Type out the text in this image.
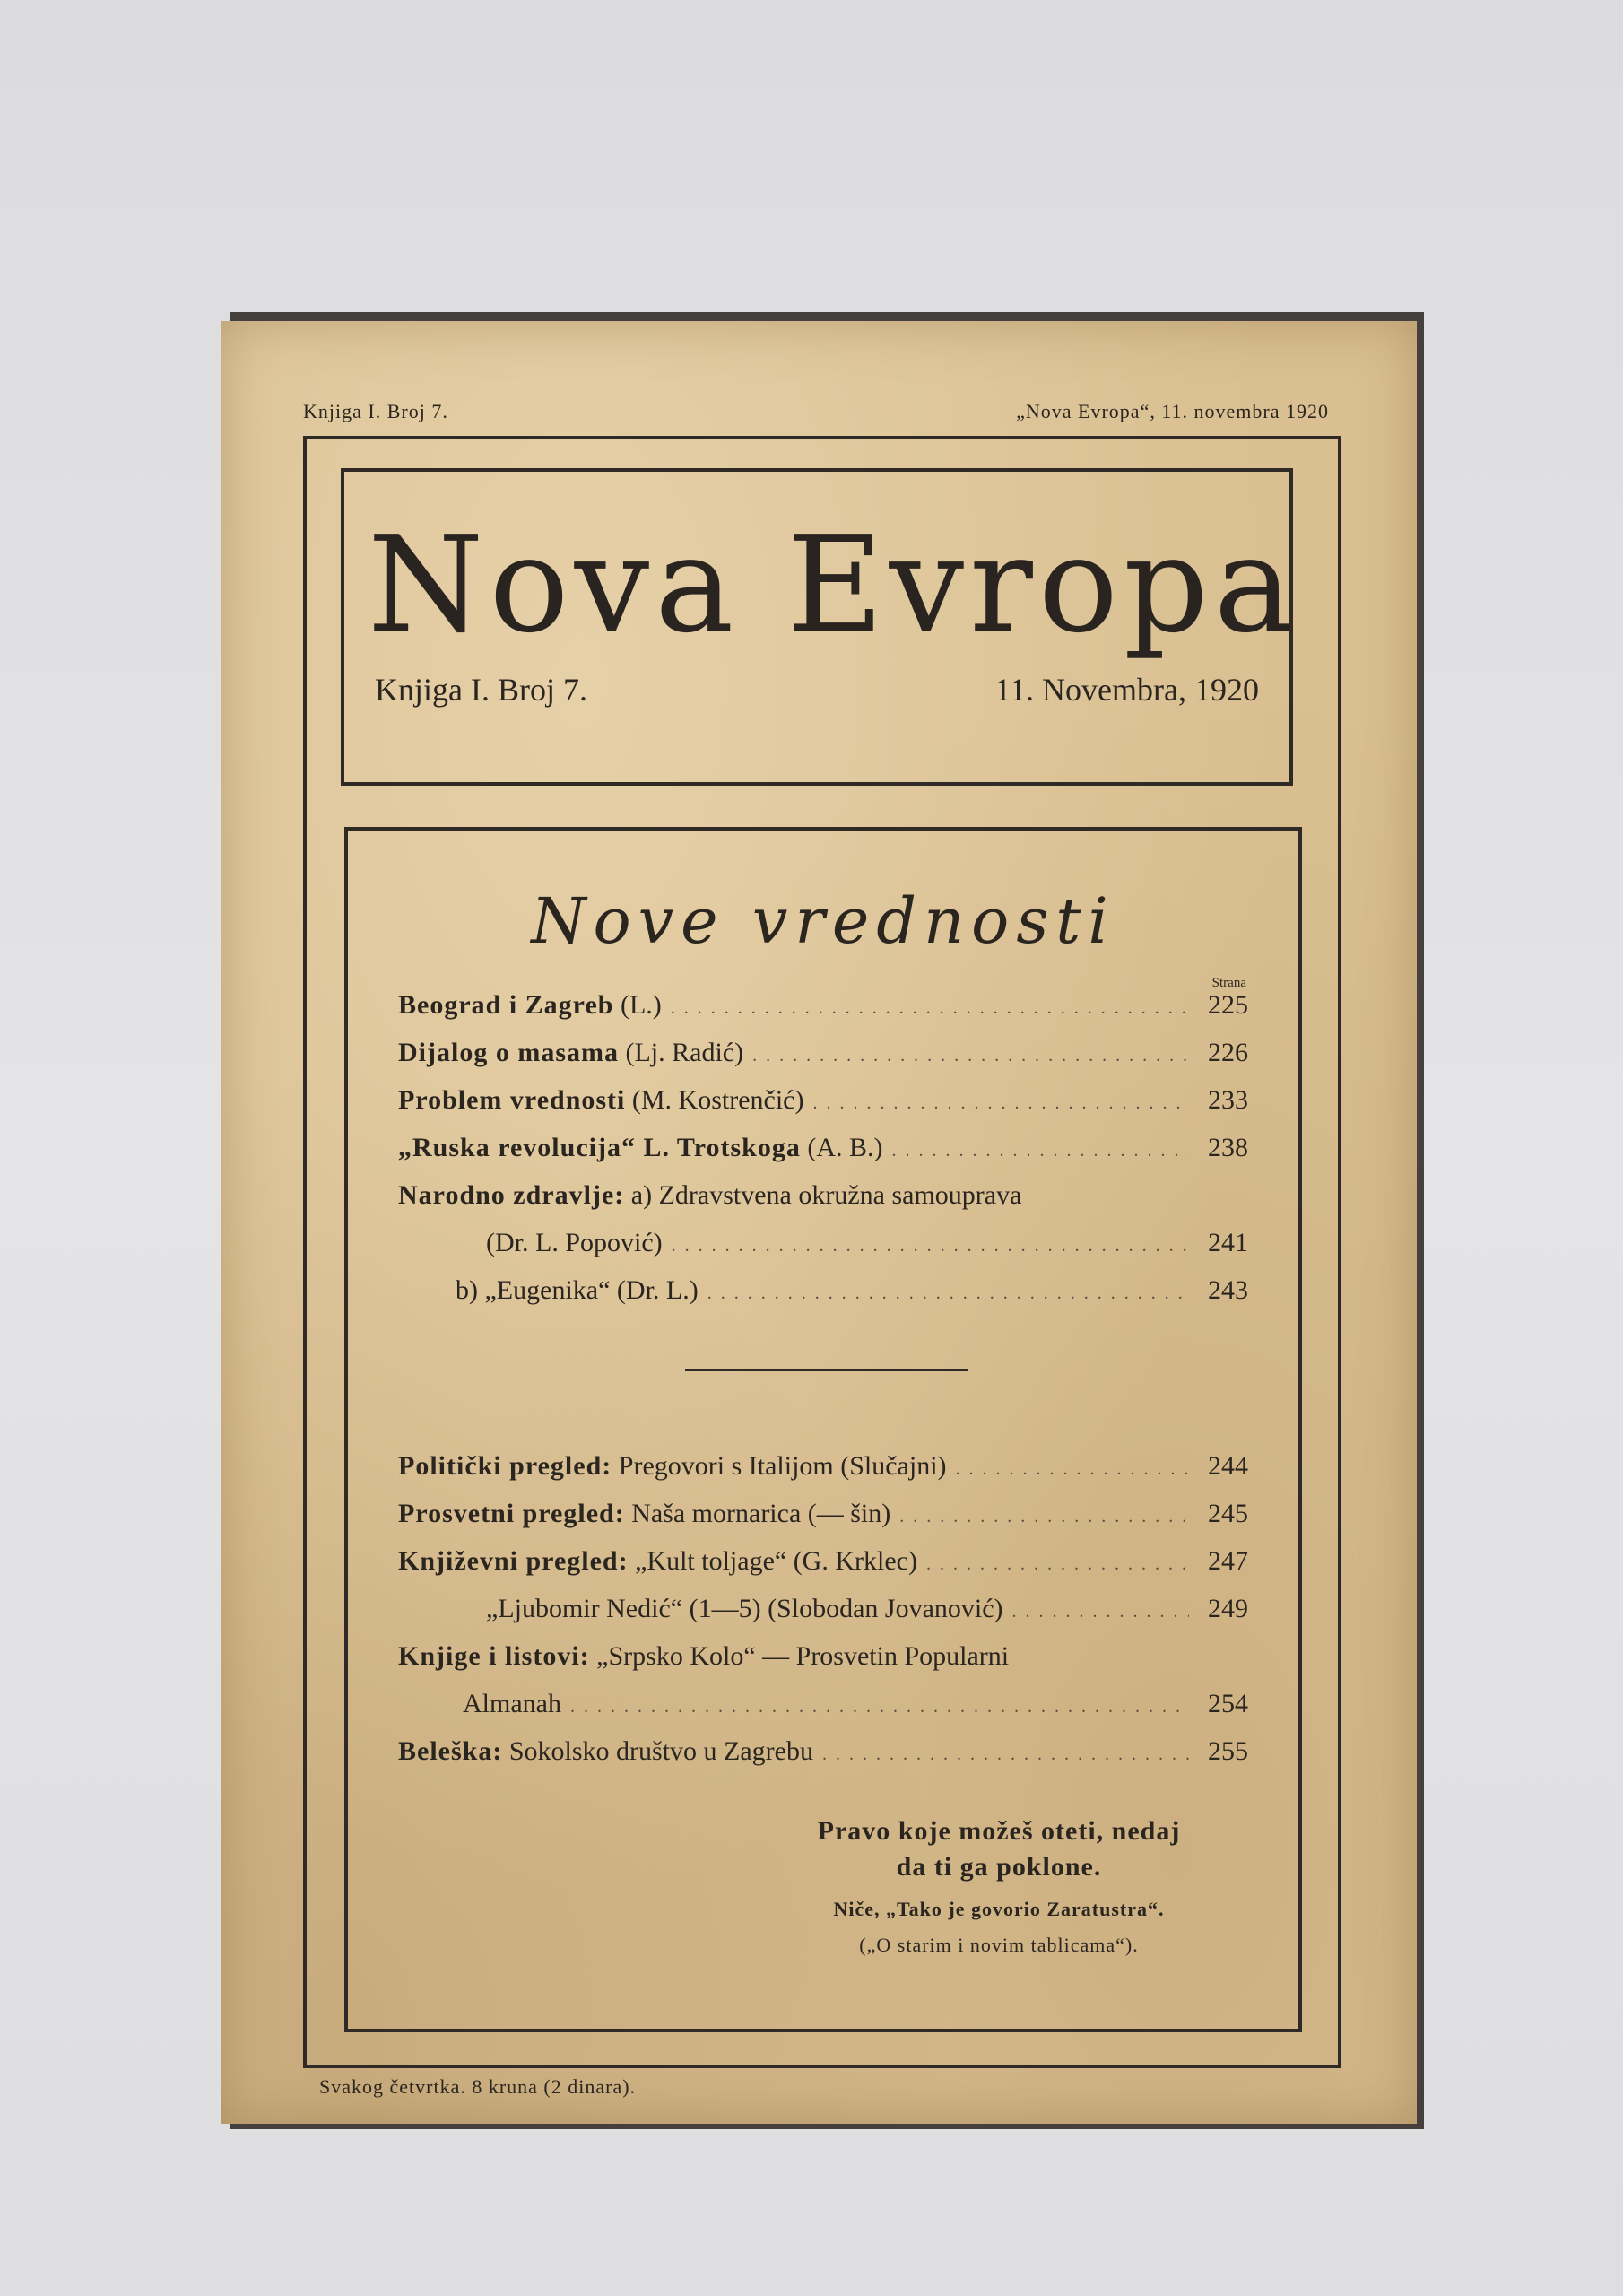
Knjiga I. Broj 7.	„Nova Evropa“, 11. novembra 1920
Nova Evropa
Knjiga I. Broj 7.	11. Novembra, 1920
Nove vrednosti
Strana
Beograd i Zagreb (L.) .....	225
Dijalog o masama (Lj. Radić) .....	226
Problem vrednosti (M. Kostrenčić) .....	233
„Ruska revolucija“ L. Trotskoga (A. B.) .....	238
Narodno zdravlje: a) Zdravstvena okružna samouprava
(Dr. L. Popović) .....	241
b) „Eugenika“ (Dr. L.) .....	243
Politički pregled: Pregovori s Italijom (Slučajni) .....	244
Prosvetni pregled: Naša mornarica (— šin) .....	245
Književni pregled: „Kult toljage“ (G. Krklec) .....	247
„Ljubomir Nedić“ (1—5) (Slobodan Jovanović) .....	249
Knjige i listovi: „Srpsko Kolo“ — Prosvetin Popularni
Almanah .....	254
Beleška: Sokolsko društvo u Zagrebu .....	255
Pravo koje možeš oteti, nedaj
da ti ga poklone.
Niče, „Tako je govorio Zaratustra“.
(„O starim i novim tablicama“).
Svakog četvrtka. 8 kruna (2 dinara).
